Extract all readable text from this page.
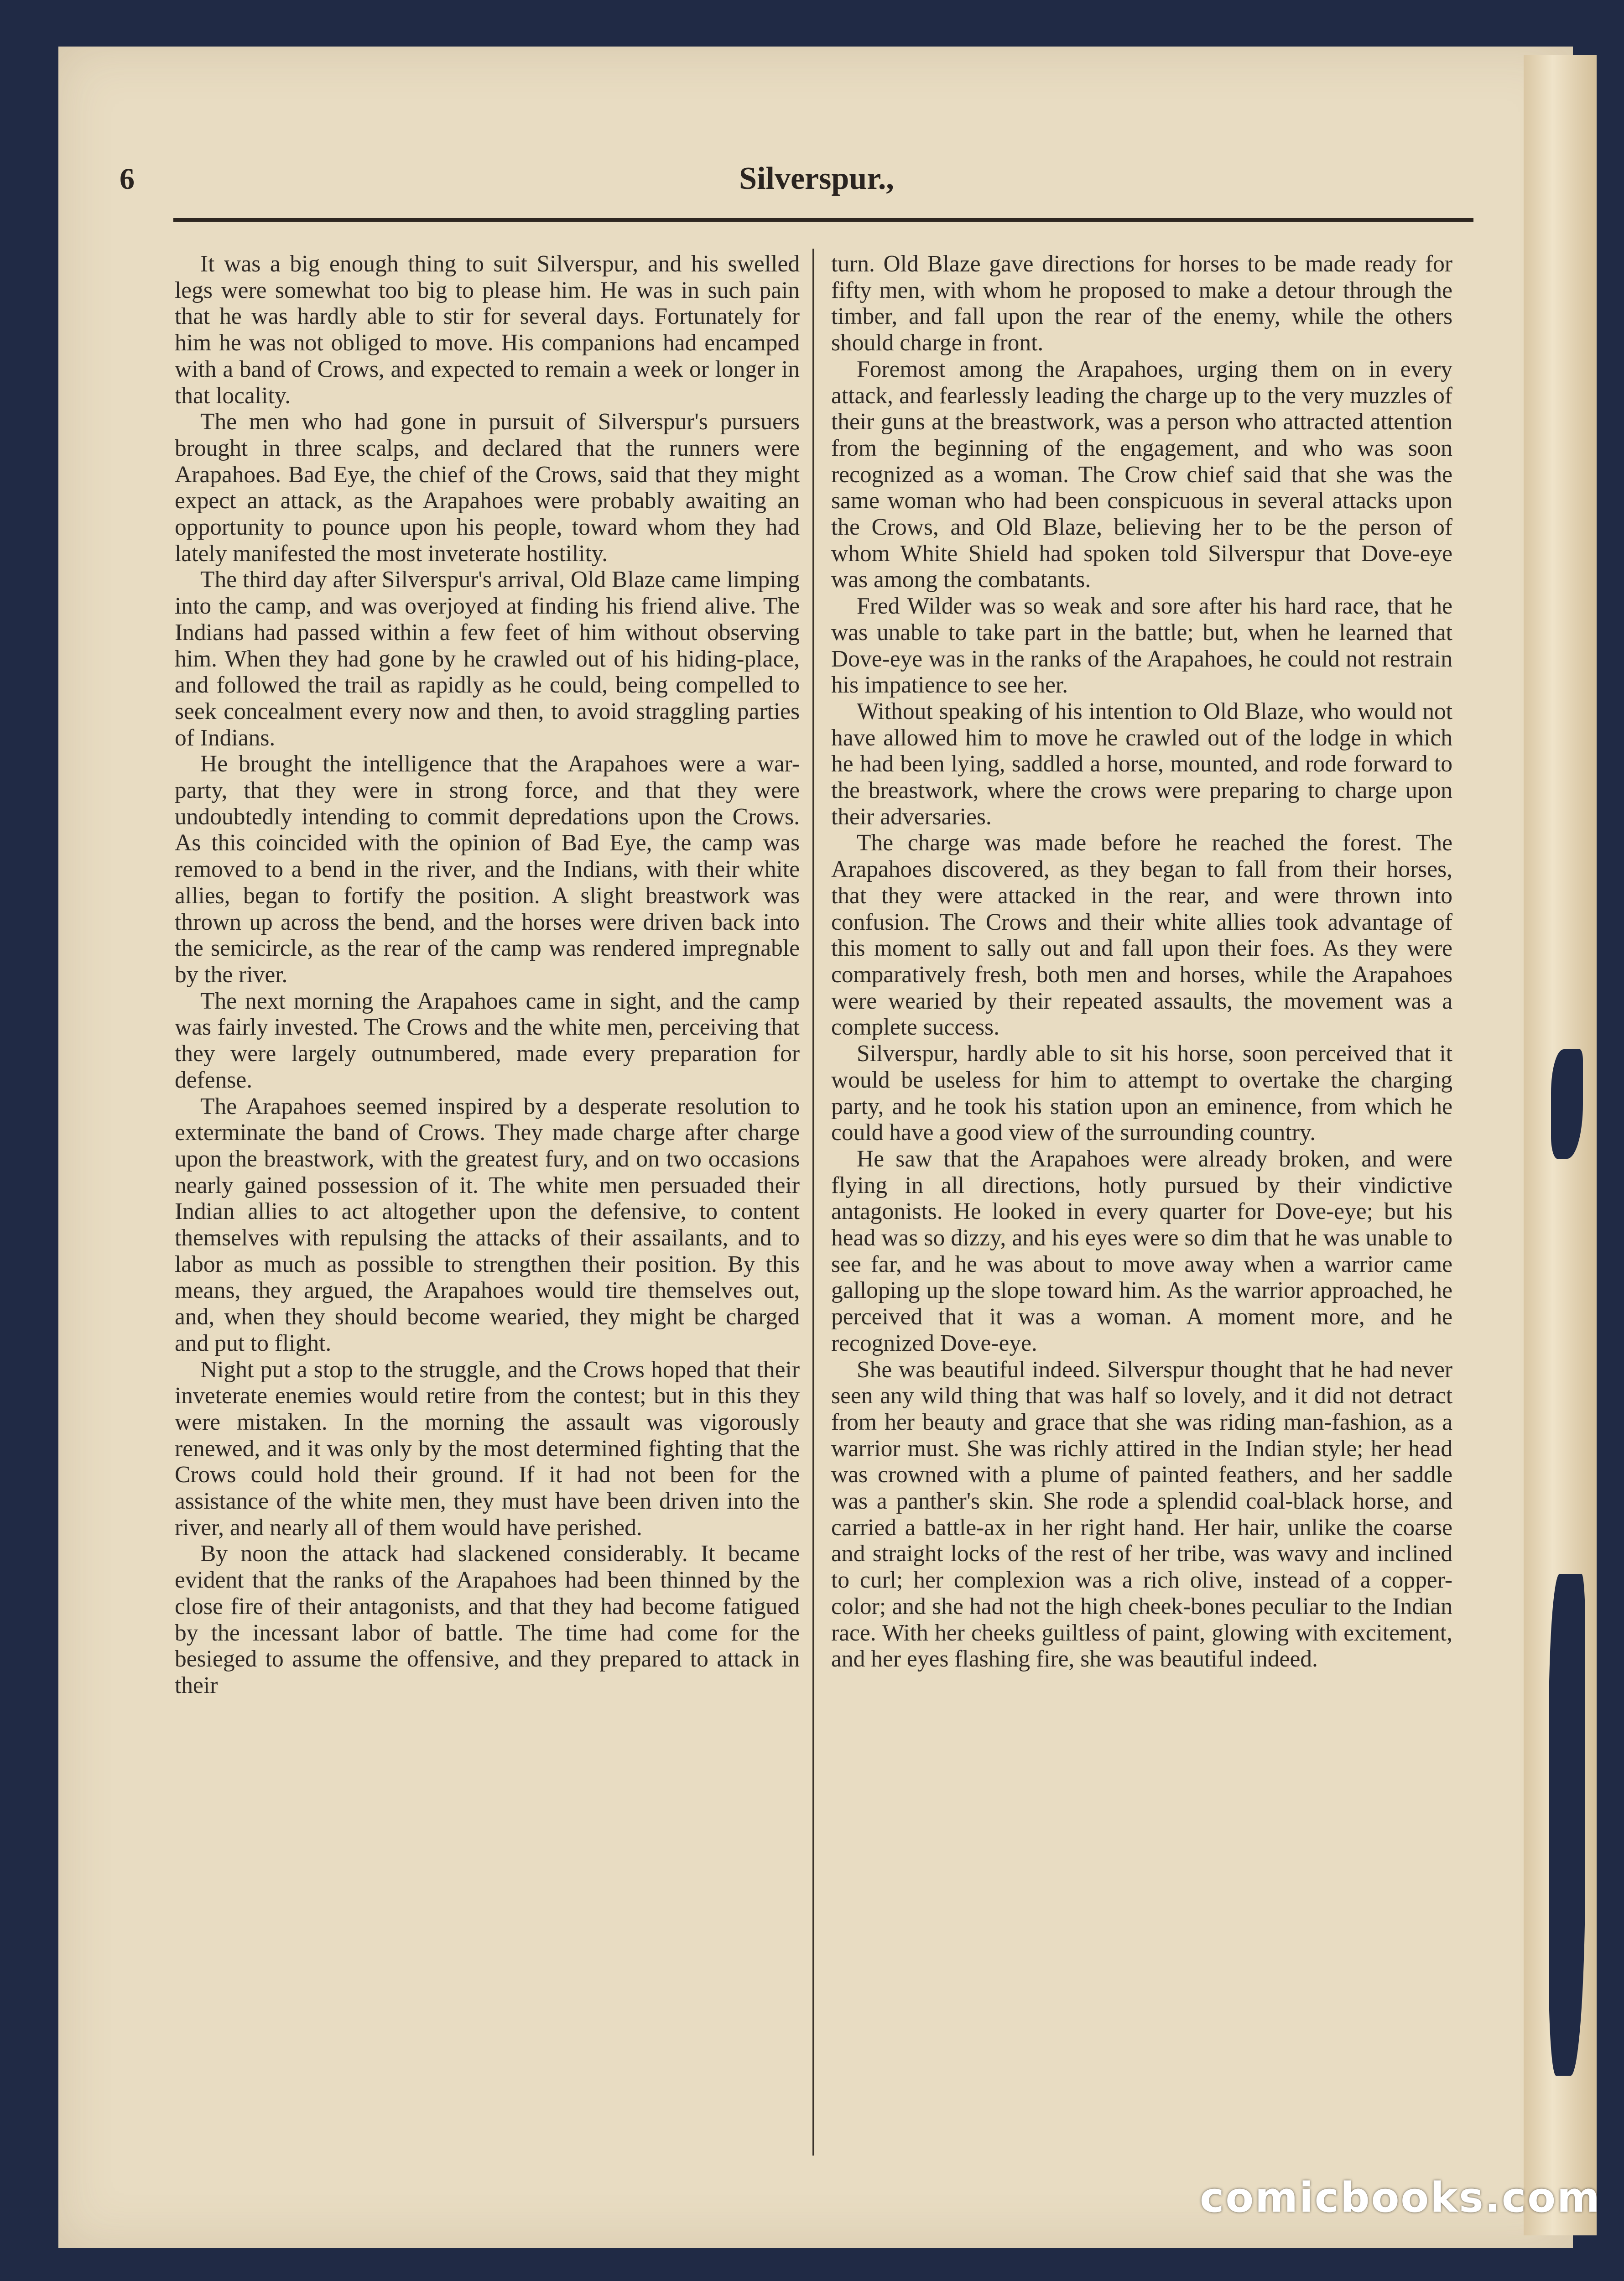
6	Silverspur.,

It was a big enough thing to suit Silverspur, and his swelled legs were somewhat too big to please him. He was in such pain that he was hardly able to stir for several days. Fortunately for him he was not obliged to move. His companions had encamped with a band of Crows, and expected to remain a week or longer in that locality.

The men who had gone in pursuit of Silverspur's pursuers brought in three scalps, and declared that the runners were Arapahoes. Bad Eye, the chief of the Crows, said that they might expect an attack, as the Arapahoes were probably awaiting an opportunity to pounce upon his people, toward whom they had lately manifested the most inveterate hostility.

The third day after Silverspur's arrival, Old Blaze came limping into the camp, and was overjoyed at finding his friend alive. The Indians had passed within a few feet of him without observing him. When they had gone by he crawled out of his hiding-place, and followed the trail as rapidly as he could, being compelled to seek concealment every now and then, to avoid straggling parties of Indians.

He brought the intelligence that the Arapahoes were a war-party, that they were in strong force, and that they were undoubtedly intending to commit depredations upon the Crows. As this coincided with the opinion of Bad Eye, the camp was removed to a bend in the river, and the Indians, with their white allies, began to fortify the position. A slight breastwork was thrown up across the bend, and the horses were driven back into the semicircle, as the rear of the camp was rendered impregnable by the river.

The next morning the Arapahoes came in sight, and the camp was fairly invested. The Crows and the white men, perceiving that they were largely outnumbered, made every preparation for defense.

The Arapahoes seemed inspired by a desperate resolution to exterminate the band of Crows. They made charge after charge upon the breastwork, with the greatest fury, and on two occasions nearly gained possession of it. The white men persuaded their Indian allies to act altogether upon the defensive, to content themselves with repulsing the attacks of their assailants, and to labor as much as possible to strengthen their position. By this means, they argued, the Arapahoes would tire themselves out, and, when they should become wearied, they might be charged and put to flight.

Night put a stop to the struggle, and the Crows hoped that their inveterate enemies would retire from the contest; but in this they were mistaken. In the morning the assault was vigorously renewed, and it was only by the most determined fighting that the Crows could hold their ground. If it had not been for the assistance of the white men, they must have been driven into the river, and nearly all of them would have perished.

By noon the attack had slackened considerably. It became evident that the ranks of the Arapahoes had been thinned by the close fire of their antagonists, and that they had become fatigued by the incessant labor of battle. The time had come for the besieged to assume the offensive, and they prepared to attack in their

turn. Old Blaze gave directions for horses to be made ready for fifty men, with whom he proposed to make a detour through the timber, and fall upon the rear of the enemy, while the others should charge in front.

Foremost among the Arapahoes, urging them on in every attack, and fearlessly leading the charge up to the very muzzles of their guns at the breastwork, was a person who attracted attention from the beginning of the engagement, and who was soon recognized as a woman. The Crow chief said that she was the same woman who had been conspicuous in several attacks upon the Crows, and Old Blaze, believing her to be the person of whom White Shield had spoken told Silverspur that Dove-eye was among the combatants.

Fred Wilder was so weak and sore after his hard race, that he was unable to take part in the battle; but, when he learned that Dove-eye was in the ranks of the Arapahoes, he could not restrain his impatience to see her.

Without speaking of his intention to Old Blaze, who would not have allowed him to move he crawled out of the lodge in which he had been lying, saddled a horse, mounted, and rode forward to the breastwork, where the crows were preparing to charge upon their adversaries.

The charge was made before he reached the forest. The Arapahoes discovered, as they began to fall from their horses, that they were attacked in the rear, and were thrown into confusion. The Crows and their white allies took advantage of this moment to sally out and fall upon their foes. As they were comparatively fresh, both men and horses, while the Arapahoes were wearied by their repeated assaults, the movement was a complete success.

Silverspur, hardly able to sit his horse, soon perceived that it would be useless for him to attempt to overtake the charging party, and he took his station upon an eminence, from which he could have a good view of the surrounding country.

He saw that the Arapahoes were already broken, and were flying in all directions, hotly pursued by their vindictive antagonists. He looked in every quarter for Dove-eye; but his head was so dizzy, and his eyes were so dim that he was unable to see far, and he was about to move away when a warrior came galloping up the slope toward him. As the warrior approached, he perceived that it was a woman. A moment more, and he recognized Dove-eye.

She was beautiful indeed. Silverspur thought that he had never seen any wild thing that was half so lovely, and it did not detract from her beauty and grace that she was riding man-fashion, as a warrior must. She was richly attired in the Indian style; her head was crowned with a plume of painted feathers, and her saddle was a panther's skin. She rode a splendid coal-black horse, and carried a battle-ax in her right hand. Her hair, unlike the coarse and straight locks of the rest of her tribe, was wavy and inclined to curl; her complexion was a rich olive, instead of a copper-color; and she had not the high cheek-bones peculiar to the Indian race. With her cheeks guiltless of paint, glowing with excitement, and her eyes flashing fire, she was beautiful indeed.

comicbooks.com
